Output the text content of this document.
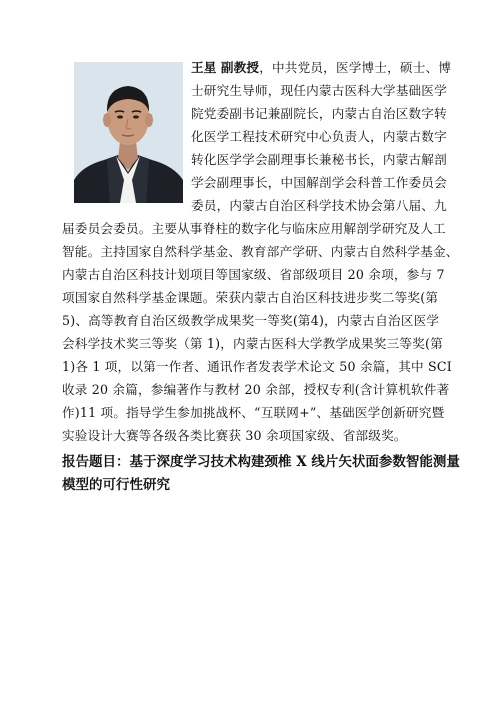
王星 副教授，中共党员，医学博士，硕士、博
士研究生导师，现任内蒙古医科大学基础医学
院党委副书记兼副院长，内蒙古自治区数字转
化医学工程技术研究中心负责人，内蒙古数字
转化医学学会副理事长兼秘书长，内蒙古解剖
学会副理事长，中国解剖学会科普工作委员会
委员，内蒙古自治区科学技术协会第八届、九
届委员会委员。主要从事脊柱的数字化与临床应用解剖学研究及人工
智能。主持国家自然科学基金、教育部产学研、内蒙古自然科学基金、
内蒙古自治区科技计划项目等国家级、省部级项目 20 余项，参与 7
项国家自然科学基金课题。荣获内蒙古自治区科技进步奖二等奖(第
5)、高等教育自治区级教学成果奖一等奖(第4)，内蒙古自治区医学
会科学技术奖三等奖（第 1)，内蒙古医科大学教学成果奖三等奖(第
1)各 1 项，以第一作者、通讯作者发表学术论文 50 余篇，其中 SCI
收录 20 余篇，参编著作与教材 20 余部，授权专利(含计算机软件著
作)11 项。指导学生参加挑战杯、“互联网+”、基础医学创新研究暨
实验设计大赛等各级各类比赛获 30 余项国家级、省部级奖。
报告题目：基于深度学习技术构建颈椎 X 线片矢状面参数智能测量
模型的可行性研究
